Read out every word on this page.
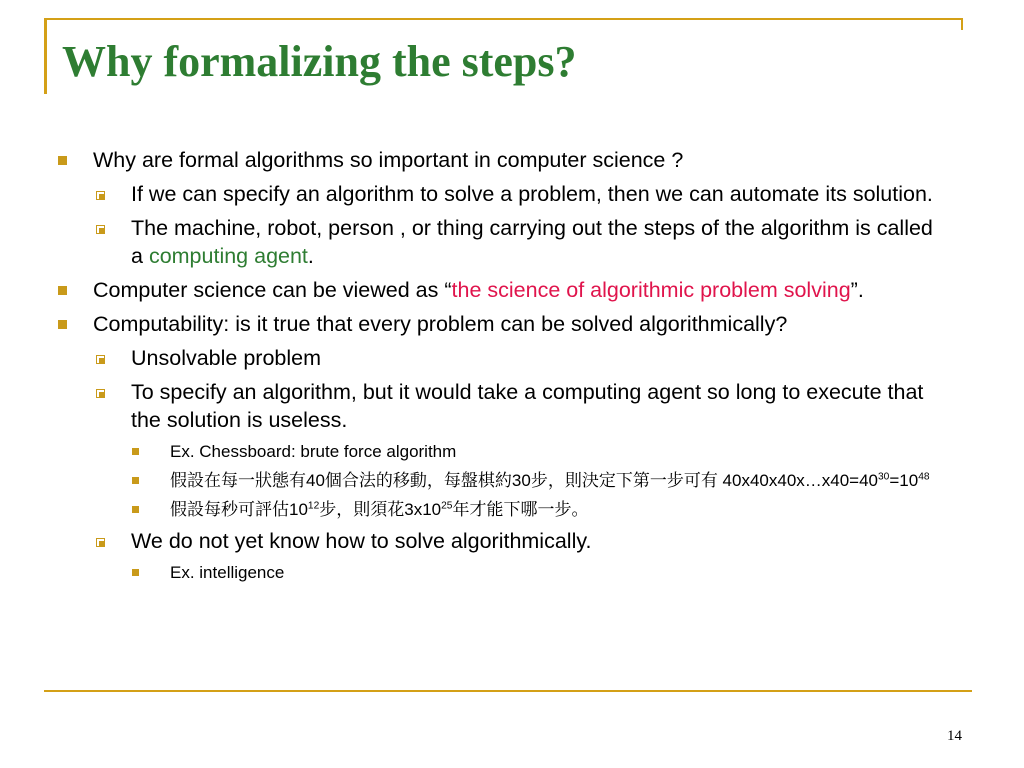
Why formalizing the steps?
Why are formal algorithms so important in computer science ?
If we can specify an algorithm to solve a problem, then we can automate its solution.
The machine, robot, person , or thing carrying out the steps of the algorithm is called a computing agent.
Computer science can be viewed as “the science of algorithmic problem solving”.
Computability: is it true that every problem can be solved algorithmically?
Unsolvable problem
To specify an algorithm, but it would take a computing agent so long to execute that the solution is useless.
Ex. Chessboard: brute force algorithm
假設在每一狀態有40個合法的移動，每盤棋約30步，則決定下第一步可有 $40x40x40x\dots x40=40^{30}=10^{48}$
假設每秒可評估$10^{12}$步，則須花$3x10^{25}$年才能下哪一步。
We do not yet know how to solve algorithmically.
Ex. intelligence
14
